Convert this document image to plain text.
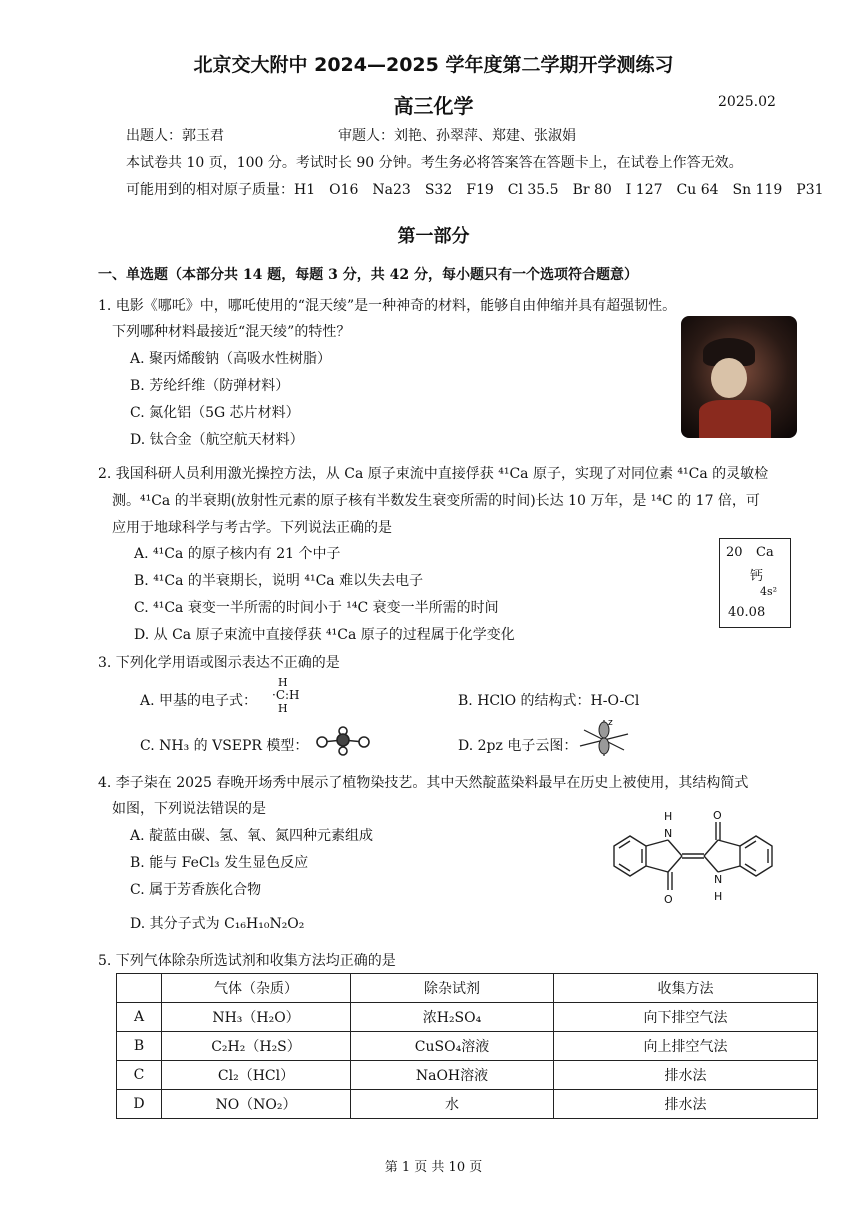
北京交大附中 2024—2025 学年度第二学期开学测练习
高三化学	2025.02
出题人：郭玉君	审题人：刘艳、孙翠萍、郑建、张淑娟
本试卷共 10 页，100 分。考试时长 90 分钟。考生务必将答案答在答题卡上，在试卷上作答无效。
可能用到的相对原子质量：H1　O16　Na23　S32　F19　Cl 35.5　Br 80　I 127　Cu 64　Sn 119　P31
第一部分
一、单选题（本部分共 14 题，每题 3 分，共 42 分，每小题只有一个选项符合题意）
1. 电影《哪吒》中，哪吒使用的“混天绫”是一种神奇的材料，能够自由伸缩并具有超强韧性。
下列哪种材料最接近“混天绫”的特性？
A. 聚丙烯酸钠（高吸水性树脂）
B. 芳纶纤维（防弹材料）
C. 氮化铝（5G 芯片材料）
D. 钛合金（航空航天材料）
2. 我国科研人员利用激光操控方法，从 Ca 原子束流中直接俘获 ⁴¹Ca 原子，实现了对同位素 ⁴¹Ca 的灵敏检
测。⁴¹Ca 的半衰期(放射性元素的原子核有半数发生衰变所需的时间)长达 10 万年，是 ¹⁴C 的 17 倍，可
应用于地球科学与考古学。下列说法正确的是
A. ⁴¹Ca 的原子核内有 21 个中子
B. ⁴¹Ca 的半衰期长，说明 ⁴¹Ca 难以失去电子
C. ⁴¹Ca 衰变一半所需的时间小于 ¹⁴C 衰变一半所需的时间
D. 从 Ca 原子束流中直接俘获 ⁴¹Ca 原子的过程属于化学变化
20 Ca
钙
4s²
40.08
3. 下列化学用语或图示表达不正确的是
A. 甲基的电子式：
H
·C:H
H	B. HClO 的结构式：H-O-Cl
C. NH₃ 的 VSEPR 模型：	D. 2pz 电子云图：
z
4. 李子柒在 2025 春晚开场秀中展示了植物染技艺。其中天然靛蓝染料最早在历史上被使用，其结构简式
如图，下列说法错误的是
A. 靛蓝由碳、氢、氧、氮四种元素组成
B. 能与 FeCl₃ 发生显色反应
C. 属于芳香族化合物
D. 其分子式为 C₁₆H₁₀N₂O₂
N
H
O
O
N
H
5. 下列气体除杂所选试剂和收集方法均正确的是
	气体（杂质）	除杂试剂	收集方法
A	NH₃（H₂O）	浓H₂SO₄	向下排空气法
B	C₂H₂（H₂S）	CuSO₄溶液	向上排空气法
C	Cl₂（HCl）	NaOH溶液	排水法
D	NO（NO₂）	水	排水法
第 1 页 共 10 页
